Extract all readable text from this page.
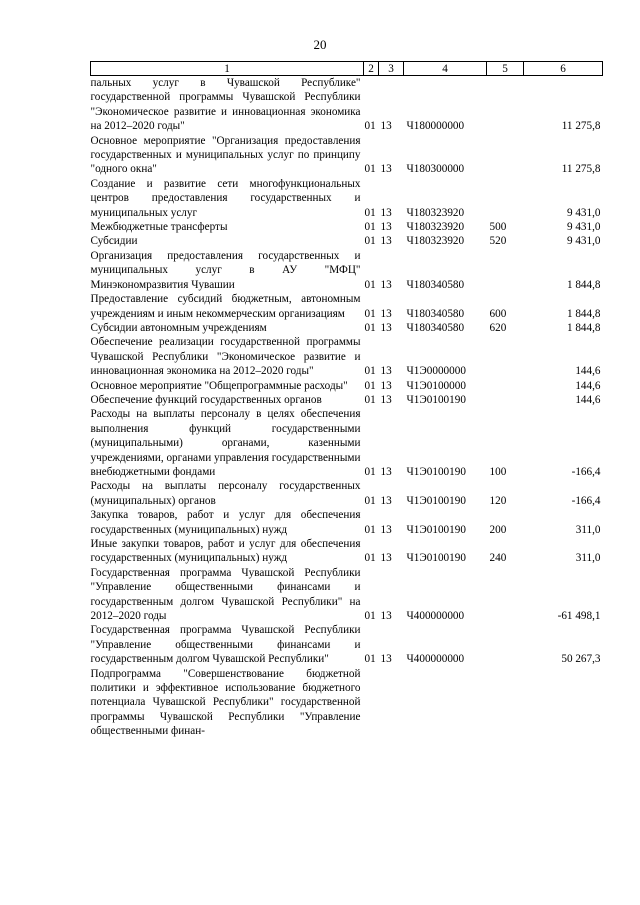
20
1	2	3	4	5	6
пальных услуг в Чувашской Республике" государственной программы Чувашской Республики "Экономическое развитие и инновационная экономика на 2012–2020 годы"	01	13	Ч180000000		11 275,8
Основное мероприятие "Организация предоставления государственных и муниципальных услуг по принципу "одного окна"	01	13	Ч180300000		11 275,8
Создание и развитие сети многофункциональных центров предоставления государственных и муниципальных услуг	01	13	Ч180323920		9 431,0
Межбюджетные трансферты	01	13	Ч180323920	500	9 431,0
Субсидии	01	13	Ч180323920	520	9 431,0
Организация предоставления государственных и муниципальных услуг в АУ "МФЦ" Минэкономразвития Чувашии	01	13	Ч180340580		1 844,8
Предоставление субсидий бюджетным, автономным учреждениям и иным некоммерческим организациям	01	13	Ч180340580	600	1 844,8
Субсидии автономным учреждениям	01	13	Ч180340580	620	1 844,8
Обеспечение реализации государственной программы Чувашской Республики "Экономическое развитие и инновационная экономика на 2012–2020 годы"	01	13	Ч1Э0000000		144,6
Основное мероприятие "Общепрограммные расходы"	01	13	Ч1Э0100000		144,6
Обеспечение функций государственных органов	01	13	Ч1Э0100190		144,6
Расходы на выплаты персоналу в целях обеспечения выполнения функций государственными (муниципальными) органами, казенными учреждениями, органами управления государственными внебюджетными фондами	01	13	Ч1Э0100190	100	-166,4
Расходы на выплаты персоналу государственных (муниципальных) органов	01	13	Ч1Э0100190	120	-166,4
Закупка товаров, работ и услуг для обеспечения государственных (муниципальных) нужд	01	13	Ч1Э0100190	200	311,0
Иные закупки товаров, работ и услуг для обеспечения государственных (муниципальных) нужд	01	13	Ч1Э0100190	240	311,0
Государственная программа Чувашской Республики "Управление общественными финансами и государственным долгом Чувашской Республики" на 2012–2020 годы	01	13	Ч400000000		-61 498,1
Государственная программа Чувашской Республики "Управление общественными финансами и государственным долгом Чувашской Республики"	01	13	Ч400000000		50 267,3
Подпрограмма "Совершенствование бюджетной политики и эффективное использование бюджетного потенциала Чувашской Республики" государственной программы Чувашской Республики "Управление общественными финан-					
